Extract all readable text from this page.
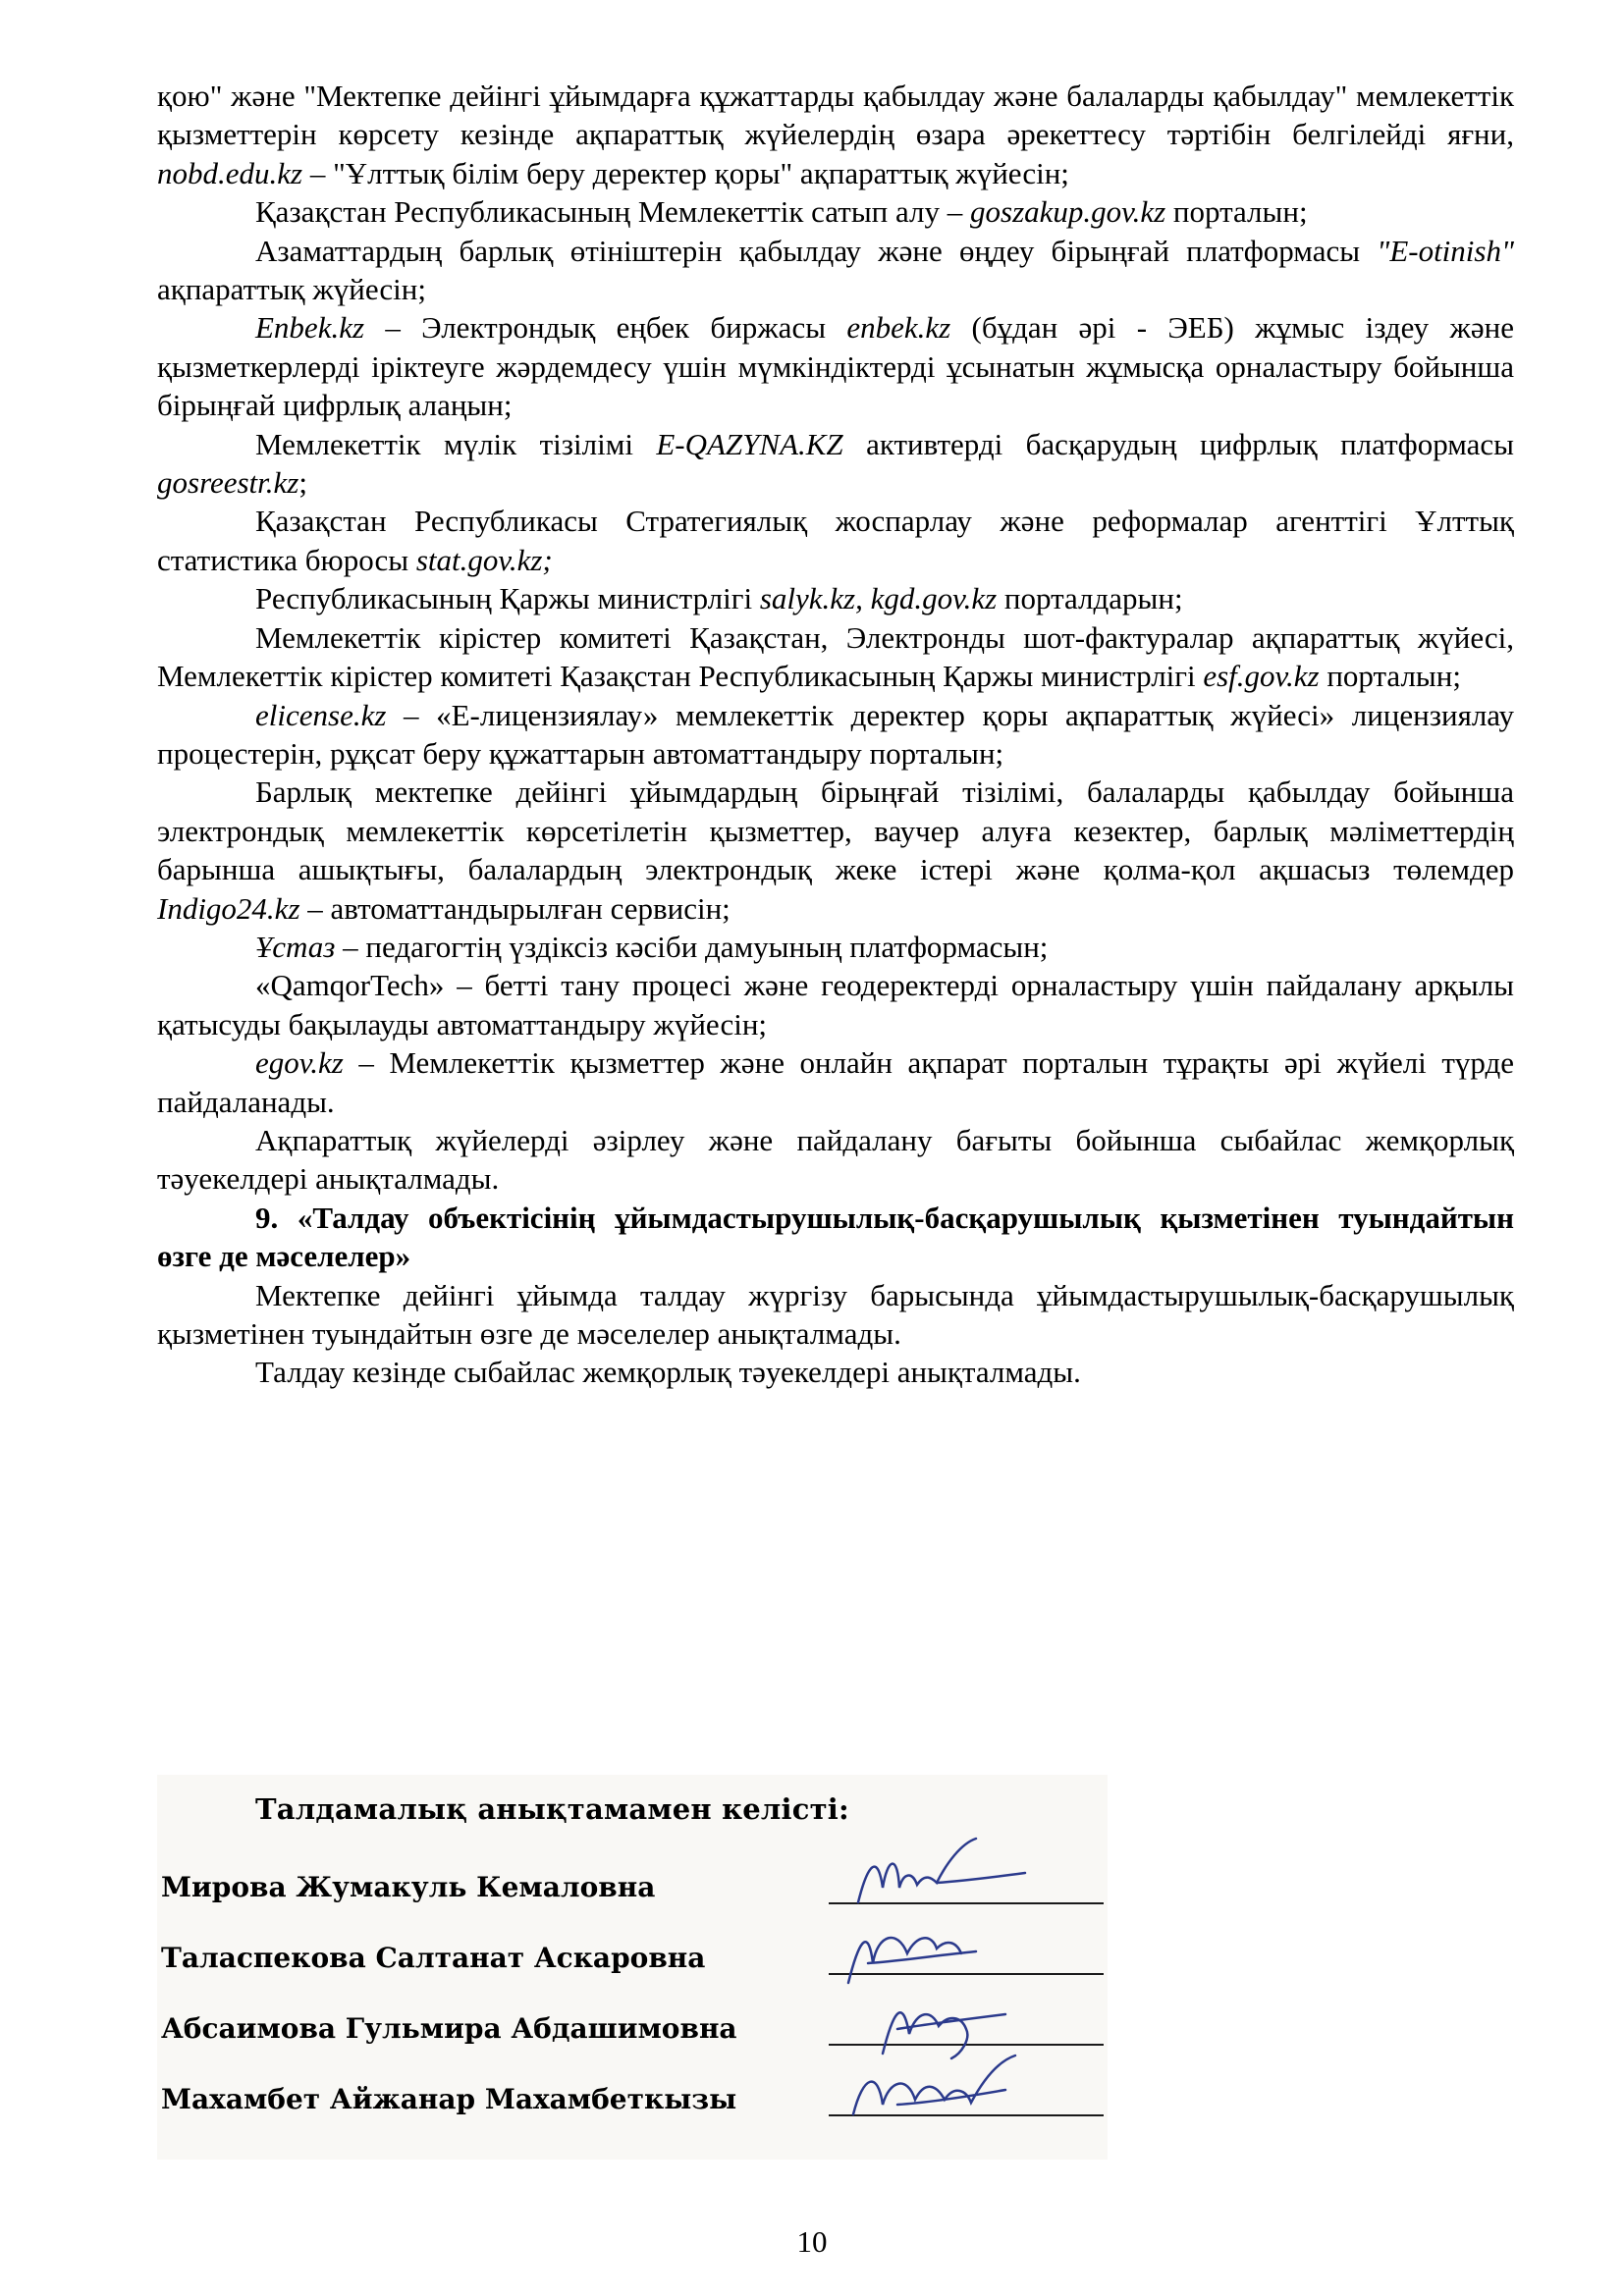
қою" және "Мектепке дейінгі ұйымдарға құжаттарды қабылдау және балаларды қабылдау" мемлекеттік қызметтерін көрсету кезінде ақпараттық жүйелердің өзара әрекеттесу тәртібін белгілейді яғни, nobd.edu.kz – "Ұлттық білім беру деректер қоры" ақпараттық жүйесін;

Қазақстан Республикасының Мемлекеттік сатып алу – goszakup.gov.kz порталын;

Азаматтардың барлық өтініштерін қабылдау және өңдеу бірыңғай платформасы "E-otinish" ақпараттық жүйесін;

Enbek.kz – Электрондық еңбек биржасы enbek.kz (бұдан әрі - ЭЕБ) жұмыс іздеу және қызметкерлерді іріктеуге жәрдемдесу үшін мүмкіндіктерді ұсынатын жұмысқа орналастыру бойынша бірыңғай цифрлық алаңын;

Мемлекеттік мүлік тізілімі E-QAZYNA.KZ активтерді басқарудың цифрлық платформасы gosreestr.kz;

Қазақстан Республикасы Стратегиялық жоспарлау және реформалар агенттігі Ұлттық статистика бюросы stat.gov.kz;

Республикасының Қаржы министрлігі salyk.kz, kgd.gov.kz порталдарын;

Мемлекеттік кірістер комитеті Қазақстан, Электронды шот-фактуралар ақпараттық жүйесі, Мемлекеттік кірістер комитеті Қазақстан Республикасының Қаржы министрлігі esf.gov.kz порталын;

elicense.kz – «Е-лицензиялау» мемлекеттік деректер қоры ақпараттық жүйесі» лицензиялау процестерін, рұқсат беру құжаттарын автоматтандыру порталын;

Барлық мектепке дейінгі ұйымдардың бірыңғай тізілімі, балаларды қабылдау бойынша электрондық мемлекеттік көрсетілетін қызметтер, ваучер алуға кезектер, барлық мәліметтердің барынша ашықтығы, балалардың электрондық жеке істері және қолма-қол ақшасыз төлемдер Indigo24.kz – автоматтандырылған сервисін;

Ұстаз – педагогтің үздіксіз кәсіби дамуының платформасын;

«QamqorTech» – бетті тану процесі және геодеректерді орналастыру үшін пайдалану арқылы қатысуды бақылауды автоматтандыру жүйесін;

egov.kz – Мемлекеттік қызметтер және онлайн ақпарат порталын тұрақты әрі жүйелі түрде пайдаланады.

Ақпараттық жүйелерді әзірлеу және пайдалану бағыты бойынша сыбайлас жемқорлық тәуекелдері анықталмады.

9. «Талдау объектісінің ұйымдастырушылық-басқарушылық қызметінен туындайтын өзге де мәселелер»

Мектепке дейінгі ұйымда талдау жүргізу барысында ұйымдастырушылық-басқарушылық қызметінен туындайтын өзге де мәселелер анықталмады.

Талдау кезінде сыбайлас жемқорлық тәуекелдері анықталмады.

Талдамалық анықтамамен келісті:
Мирова Жумакуль Кемаловна
Таласпекова Салтанат Аскаровна
Абсаимова Гульмира Абдашимовна
Махамбет Айжанар Махамбеткызы
10
